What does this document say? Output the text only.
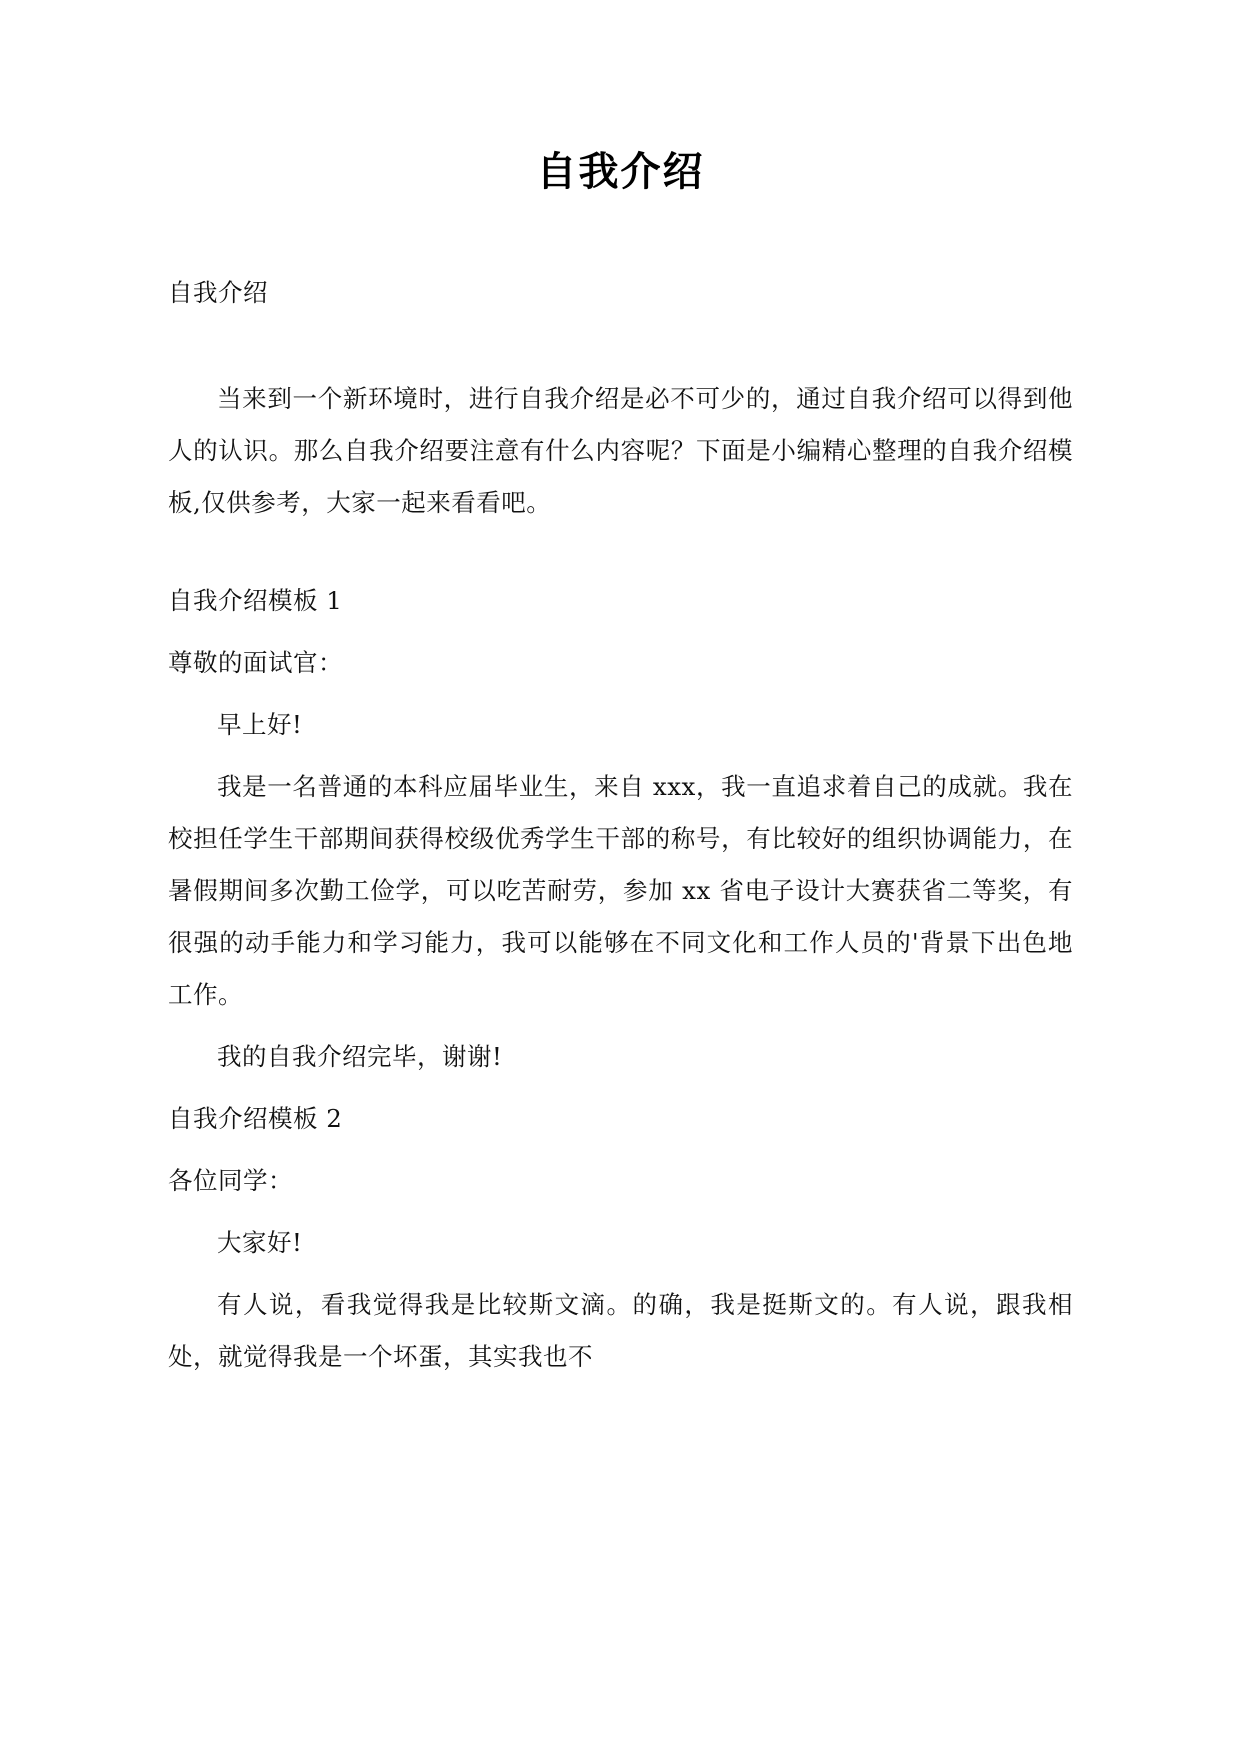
自我介绍

自我介绍

当来到一个新环境时，进行自我介绍是必不可少的，通过自我介绍可以得到他人的认识。那么自我介绍要注意有什么内容呢？下面是小编精心整理的自我介绍模板,仅供参考，大家一起来看看吧。

自我介绍模板 1

尊敬的面试官：

早上好!

我是一名普通的本科应届毕业生，来自 xxx，我一直追求着自己的成就。我在校担任学生干部期间获得校级优秀学生干部的称号，有比较好的组织协调能力，在暑假期间多次勤工俭学，可以吃苦耐劳，参加 xx 省电子设计大赛获省二等奖，有很强的动手能力和学习能力，我可以能够在不同文化和工作人员的'背景下出色地工作。

我的自我介绍完毕，谢谢!

自我介绍模板 2

各位同学：

大家好!

有人说，看我觉得我是比较斯文滴。的确，我是挺斯文的。有人说，跟我相处，就觉得我是一个坏蛋，其实我也不
